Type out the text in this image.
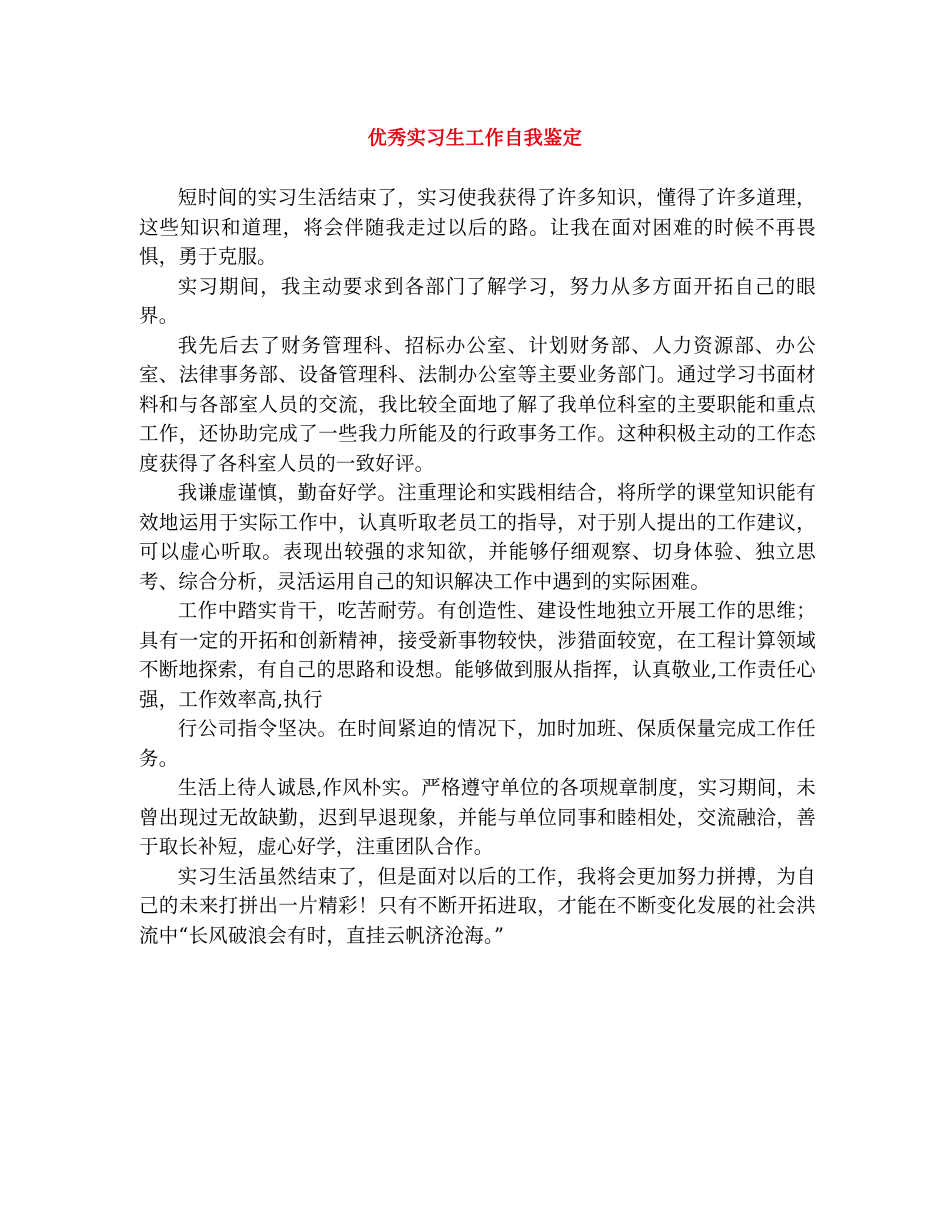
优秀实习生工作自我鉴定

短时间的实习生活结束了，实习使我获得了许多知识，懂得了许多道理，这些知识和道理，将会伴随我走过以后的路。让我在面对困难的时候不再畏惧，勇于克服。

实习期间，我主动要求到各部门了解学习，努力从多方面开拓自己的眼界。

我先后去了财务管理科、招标办公室、计划财务部、人力资源部、办公室、法律事务部、设备管理科、法制办公室等主要业务部门。通过学习书面材料和与各部室人员的交流，我比较全面地了解了我单位科室的主要职能和重点工作，还协助完成了一些我力所能及的行政事务工作。这种积极主动的工作态度获得了各科室人员的一致好评。

我谦虚谨慎，勤奋好学。注重理论和实践相结合，将所学的课堂知识能有效地运用于实际工作中，认真听取老员工的指导，对于别人提出的工作建议，可以虚心听取。表现出较强的求知欲，并能够仔细观察、切身体验、独立思考、综合分析，灵活运用自己的知识解决工作中遇到的实际困难。

工作中踏实肯干，吃苦耐劳。有创造性、建设性地独立开展工作的思维；具有一定的开拓和创新精神，接受新事物较快，涉猎面较宽，在工程计算领域不断地探索，有自己的思路和设想。能够做到服从指挥，认真敬业,工作责任心强，工作效率高,执行

行公司指令坚决。在时间紧迫的情况下，加时加班、保质保量完成工作任务。

生活上待人诚恳,作风朴实。严格遵守单位的各项规章制度，实习期间，未曾出现过无故缺勤，迟到早退现象，并能与单位同事和睦相处，交流融洽，善于取长补短，虚心好学，注重团队合作。

实习生活虽然结束了，但是面对以后的工作，我将会更加努力拼搏，为自己的未来打拼出一片精彩！只有不断开拓进取，才能在不断变化发展的社会洪流中“长风破浪会有时，直挂云帆济沧海。”
